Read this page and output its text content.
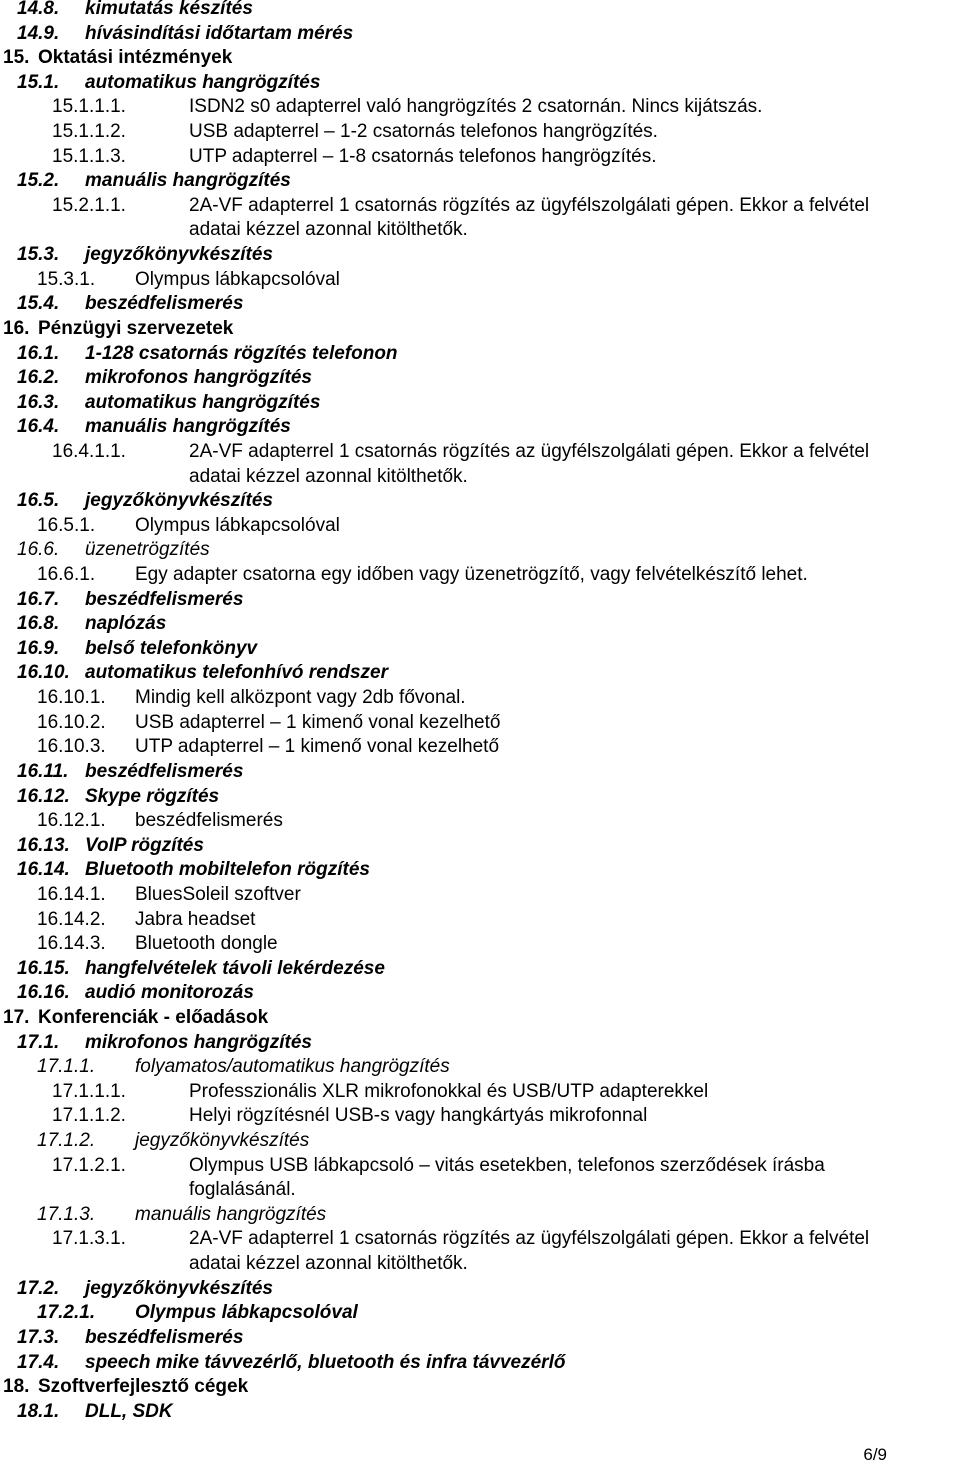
14.8. kimutatás készítés
14.9. hívásindítási időtartam mérés
15. Oktatási intézmények
15.1. automatikus hangrögzítés
15.1.1.1.	ISDN2 s0 adapterrel való hangrögzítés 2 csatornán. Nincs kijátszás.
15.1.1.2.	USB adapterrel – 1-2 csatornás telefonos hangrögzítés.
15.1.1.3.	UTP adapterrel – 1-8 csatornás telefonos hangrögzítés.
15.2. manuális hangrögzítés
15.2.1.1.	2A-VF adapterrel 1 csatornás rögzítés az ügyfélszolgálati gépen. Ekkor a felvétel
adatai kézzel azonnal kitölthetők.
15.3. jegyzőkönyvkészítés
15.3.1. Olympus lábkapcsolóval
15.4. beszédfelismerés
16. Pénzügyi szervezetek
16.1. 1-128 csatornás rögzítés telefonon
16.2. mikrofonos hangrögzítés
16.3. automatikus hangrögzítés
16.4. manuális hangrögzítés
16.4.1.1.	2A-VF adapterrel 1 csatornás rögzítés az ügyfélszolgálati gépen. Ekkor a felvétel
adatai kézzel azonnal kitölthetők.
16.5. jegyzőkönyvkészítés
16.5.1. Olympus lábkapcsolóval
16.6. üzenetrögzítés
16.6.1. Egy adapter csatorna egy időben vagy üzenetrögzítő, vagy felvételkészítő lehet.
16.7. beszédfelismerés
16.8. naplózás
16.9. belső telefonkönyv
16.10. automatikus telefonhívó rendszer
16.10.1. Mindig kell alközpont vagy 2db fővonal.
16.10.2. USB adapterrel – 1 kimenő vonal kezelhető
16.10.3. UTP adapterrel – 1 kimenő vonal kezelhető
16.11. beszédfelismerés
16.12. Skype rögzítés
16.12.1. beszédfelismerés
16.13. VoIP rögzítés
16.14. Bluetooth mobiltelefon rögzítés
16.14.1. BluesSoleil szoftver
16.14.2. Jabra headset
16.14.3. Bluetooth dongle
16.15. hangfelvételek távoli lekérdezése
16.16. audió monitorozás
17. Konferenciák - előadások
17.1. mikrofonos hangrögzítés
17.1.1. folyamatos/automatikus hangrögzítés
17.1.1.1.	Professzionális XLR mikrofonokkal és USB/UTP adapterekkel
17.1.1.2.	Helyi rögzítésnél USB-s vagy hangkártyás mikrofonnal
17.1.2. jegyzőkönyvkészítés
17.1.2.1.	Olympus USB lábkapcsoló – vitás esetekben, telefonos szerződések írásba
foglalásánál.
17.1.3. manuális hangrögzítés
17.1.3.1.	2A-VF adapterrel 1 csatornás rögzítés az ügyfélszolgálati gépen. Ekkor a felvétel
adatai kézzel azonnal kitölthetők.
17.2. jegyzőkönyvkészítés
17.2.1. Olympus lábkapcsolóval
17.3. beszédfelismerés
17.4. speech mike távvezérlő, bluetooth és infra távvezérlő
18. Szoftverfejlesztő cégek
18.1. DLL, SDK
6/9
